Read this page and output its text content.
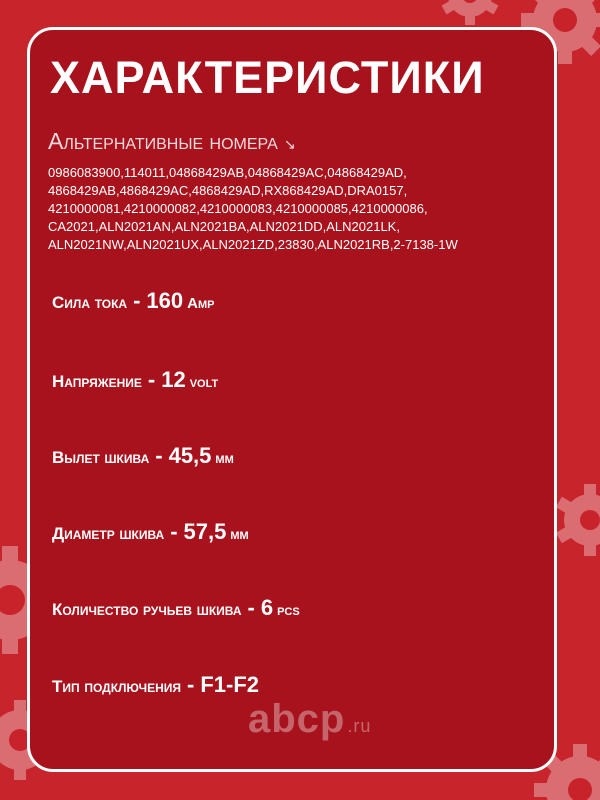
ХАРАКТЕРИСТИКИ
Альтернативные номера ↘
0986083900,114011,04868429AB,04868429AC,04868429AD,
4868429AB,4868429AC,4868429AD,RX868429AD,DRA0157,
4210000081,4210000082,4210000083,4210000085,4210000086,
CA2021,ALN2021AN,ALN2021BA,ALN2021DD,ALN2021LK,
ALN2021NW,ALN2021UX,ALN2021ZD,23830,ALN2021RB,2-7138-1W
Сила тока - 160 Amp
Напряжение - 12 volt
Вылет шкива - 45,5 мм
Диаметр шкива - 57,5 мм
Количество ручьев шкива - 6 pcs
Тип подключения - F1-F2
abcp .ru
